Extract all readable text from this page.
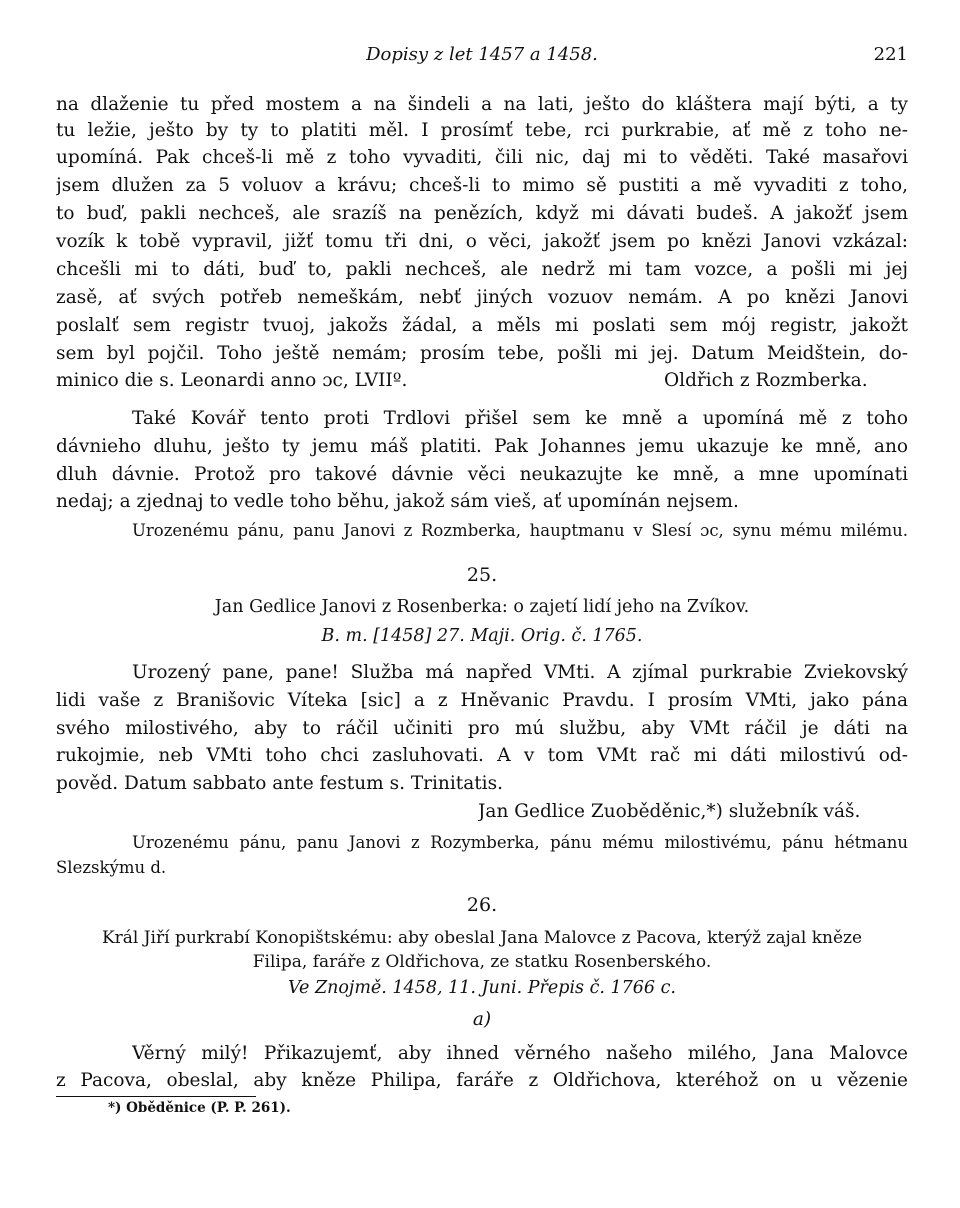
Dopisy z let 1457 a 1458.	221
na dlaženie tu před mostem a na šindeli a na lati, ješto do kláštera mají býti, a ty
tu ležie, ješto by ty to platiti měl. I prosímť tebe, rci purkrabie, ať mě z toho ne-
upomíná. Pak chceš-li mě z toho vyvaditi, čili nic, daj mi to věděti. Také masařovi
jsem dlužen za 5 voluov a krávu; chceš-li to mimo sě pustiti a mě vyvaditi z toho,
to buď, pakli nechceš, ale srazíš na penězích, když mi dávati budeš. A jakožť jsem
vozík k tobě vypravil, jižť tomu tři dni, o věci, jakožť jsem po knězi Janovi vzkázal:
chcešli mi to dáti, buď to, pakli nechceš, ale nedrž mi tam vozce, a pošli mi jej
zasě, ať svých potřeb nemeškám, nebť jiných vozuov nemám. A po knězi Janovi
poslalť sem registr tvuoj, jakožs žádal, a měls mi poslati sem mój registr, jakožt
sem byl pojčil. Toho ještě nemám; prosím tebe, pošli mi jej. Datum Meidštein, do-
minico die s. Leonardi anno ɔc, LVIIº.	Oldřich z Rozmberka.
Také Kovář tento proti Trdlovi přišel sem ke mně a upomíná mě z toho
dávnieho dluhu, ješto ty jemu máš platiti. Pak Johannes jemu ukazuje ke mně, ano
dluh dávnie. Protož pro takové dávnie věci neukazujte ke mně, a mne upomínati
nedaj; a zjednaj to vedle toho běhu, jakož sám vieš, ať upomínán nejsem.
Urozenému pánu, panu Janovi z Rozmberka, hauptmanu v Slesí ɔc, synu mému milému.
25.
Jan Gedlice Janovi z Rosenberka: o zajetí lidí jeho na Zvíkov.
B. m. [1458] 27. Maji. Orig. č. 1765.
Urozený pane, pane! Služba má napřed VMti. A zjímal purkrabie Zviekovský
lidi vaše z Branišovic Víteka [sic] a z Hněvanic Pravdu. I prosím VMti, jako pána
svého milostivého, aby to ráčil učiniti pro mú službu, aby VMt ráčil je dáti na
rukojmie, neb VMti toho chci zasluhovati. A v tom VMt rač mi dáti milostivú od-
pověd. Datum sabbato ante festum s. Trinitatis.
Jan Gedlice Zuoběděnic,*) služebník váš.
Urozenému pánu, panu Janovi z Rozymberka, pánu mému milostivému, pánu hétmanu
Slezskýmu d.
26.
Král Jiří purkrabí Konopištskému: aby obeslal Jana Malovce z Pacova, kterýž zajal kněze
Filipa, faráře z Oldřichova, ze statku Rosenberského.
Ve Znojmě. 1458, 11. Juni. Přepis č. 1766 c.
a)
Věrný milý! Přikazujemť, aby ihned věrného našeho milého, Jana Malovce
z Pacova, obeslal, aby kněze Philipa, faráře z Oldřichova, kteréhož on u vězenie
*) Oběděnice (P. P. 261).
